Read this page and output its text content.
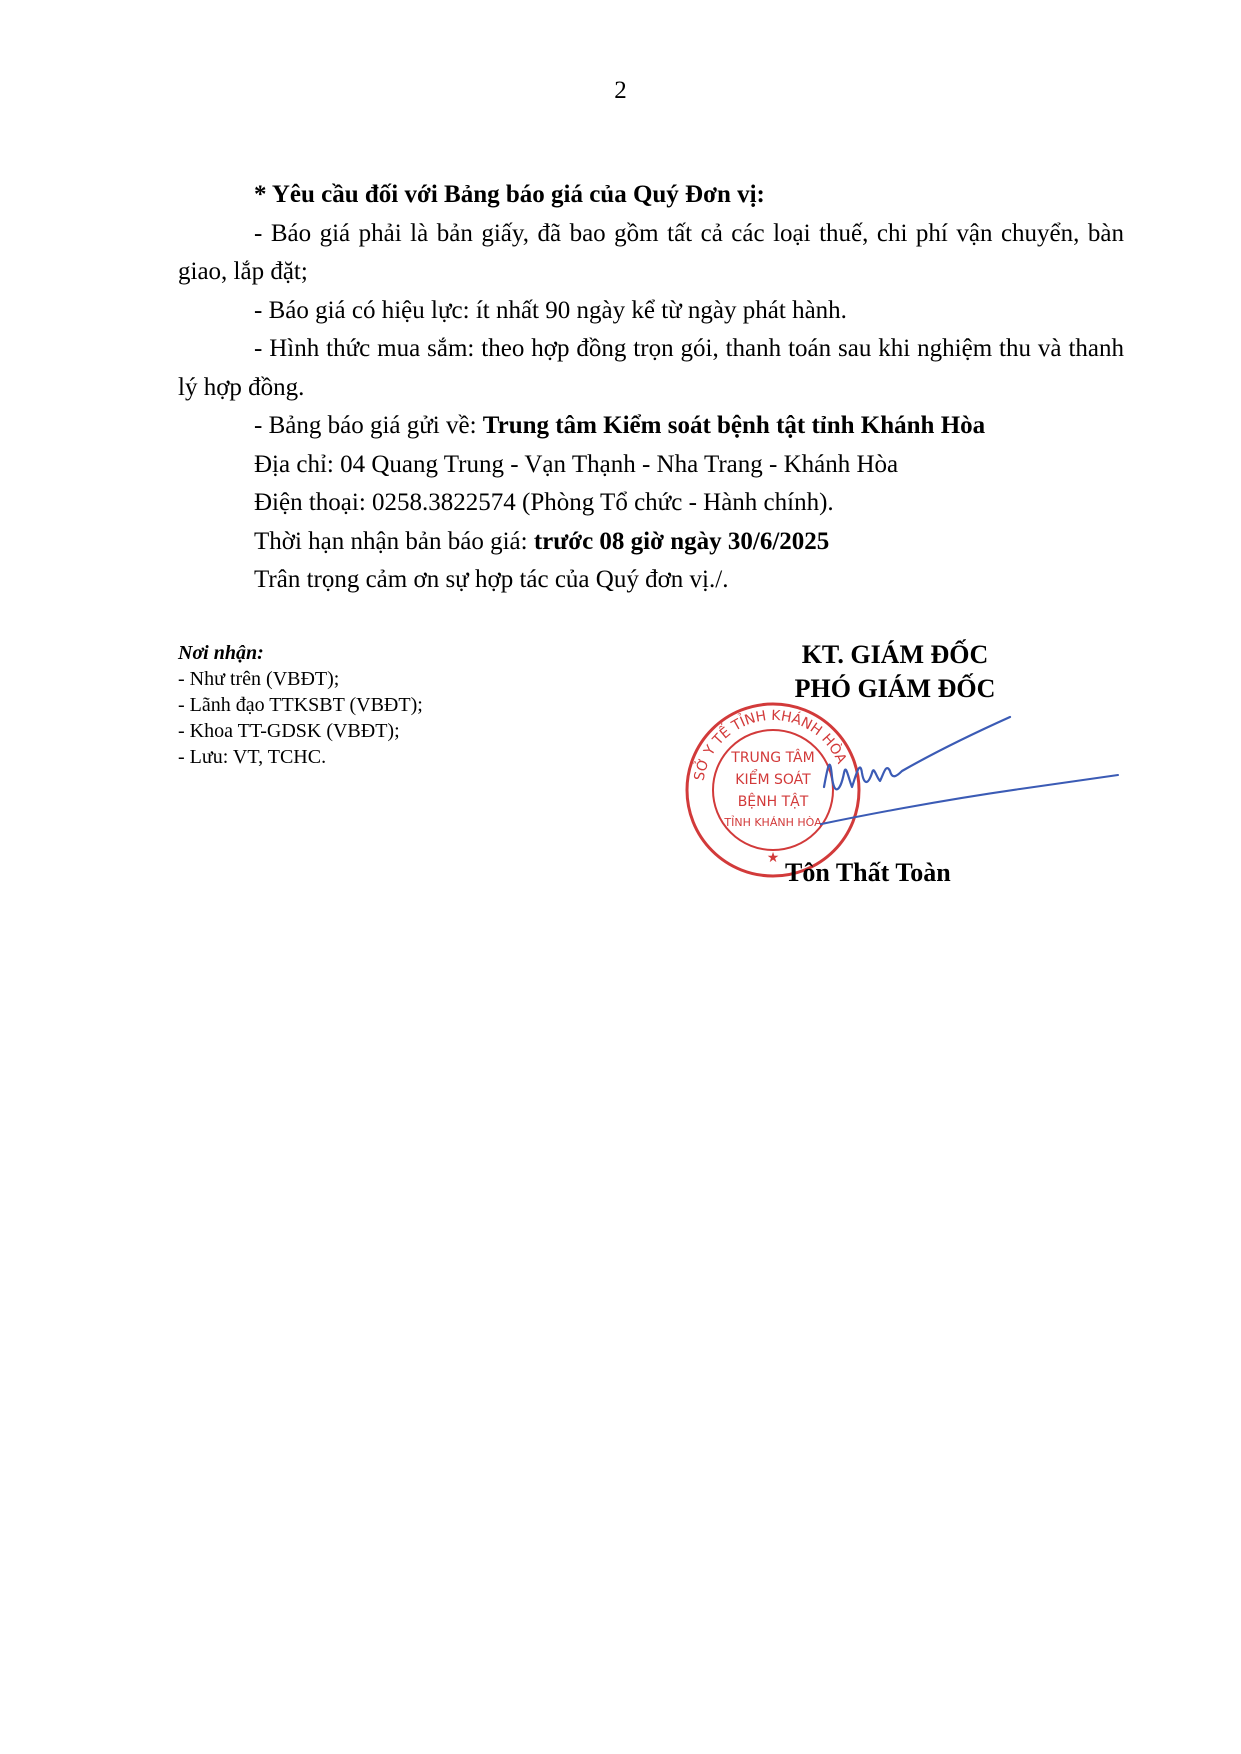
2

* Yêu cầu đối với Bảng báo giá của Quý Đơn vị:

- Báo giá phải là bản giấy, đã bao gồm tất cả các loại thuế, chi phí vận chuyển, bàn giao, lắp đặt;

- Báo giá có hiệu lực: ít nhất 90 ngày kể từ ngày phát hành.

- Hình thức mua sắm: theo hợp đồng trọn gói, thanh toán sau khi nghiệm thu và thanh lý hợp đồng.

- Bảng báo giá gửi về: Trung tâm Kiểm soát bệnh tật tỉnh Khánh Hòa

Địa chỉ: 04 Quang Trung - Vạn Thạnh - Nha Trang - Khánh Hòa

Điện thoại: 0258.3822574 (Phòng Tổ chức - Hành chính).

Thời hạn nhận bản báo giá: trước 08 giờ ngày 30/6/2025

Trân trọng cảm ơn sự hợp tác của Quý đơn vị./.

Nơi nhận:
- Như trên (VBĐT);
- Lãnh đạo TTKSBT (VBĐT);
- Khoa TT-GDSK (VBĐT);
- Lưu: VT, TCHC.
KT. GIÁM ĐỐC
PHÓ GIÁM ĐỐC
SỞ Y TẾ TỈNH KHÁNH HÒA
TRUNG TÂM
KIỂM SOÁT
BỆNH TẬT
TỈNH KHÁNH HÒA
★ Tôn Thất Toàn
